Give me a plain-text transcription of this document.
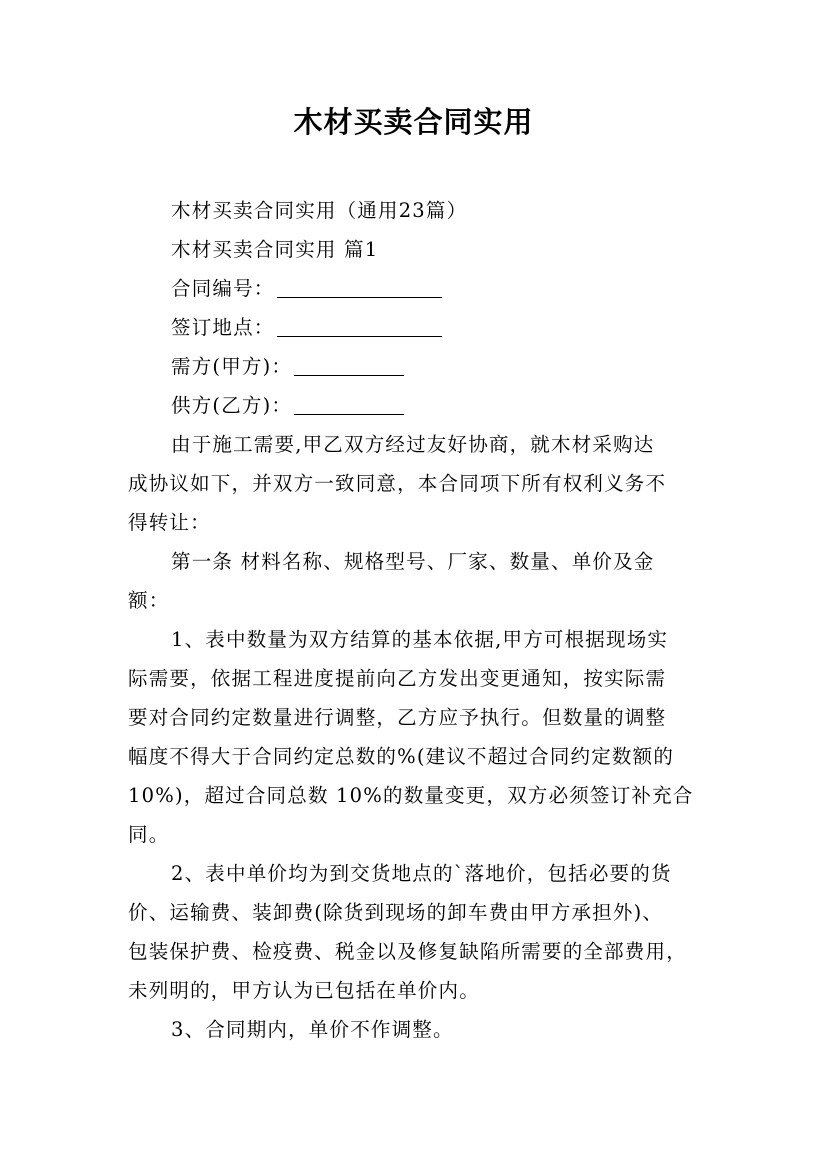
木材买卖合同实用
木材买卖合同实用（通用23篇）
木材买卖合同实用 篇1
合同编号：
签订地点：
需方(甲方)：
供方(乙方)：
由于施工需要,甲乙双方经过友好协商，就木材采购达
成协议如下，并双方一致同意，本合同项下所有权利义务不
得转让：
第一条 材料名称、规格型号、厂家、数量、单价及金
额：
1、表中数量为双方结算的基本依据,甲方可根据现场实
际需要，依据工程进度提前向乙方发出变更通知，按实际需
要对合同约定数量进行调整，乙方应予执行。但数量的调整
幅度不得大于合同约定总数的%(建议不超过合同约定数额的
10%)，超过合同总数 10%的数量变更，双方必须签订补充合
同。
2、表中单价均为到交货地点的`落地价，包括必要的货
价、运输费、装卸费(除货到现场的卸车费由甲方承担外)、
包装保护费、检疫费、税金以及修复缺陷所需要的全部费用，
未列明的，甲方认为已包括在单价内。
3、合同期内，单价不作调整。
